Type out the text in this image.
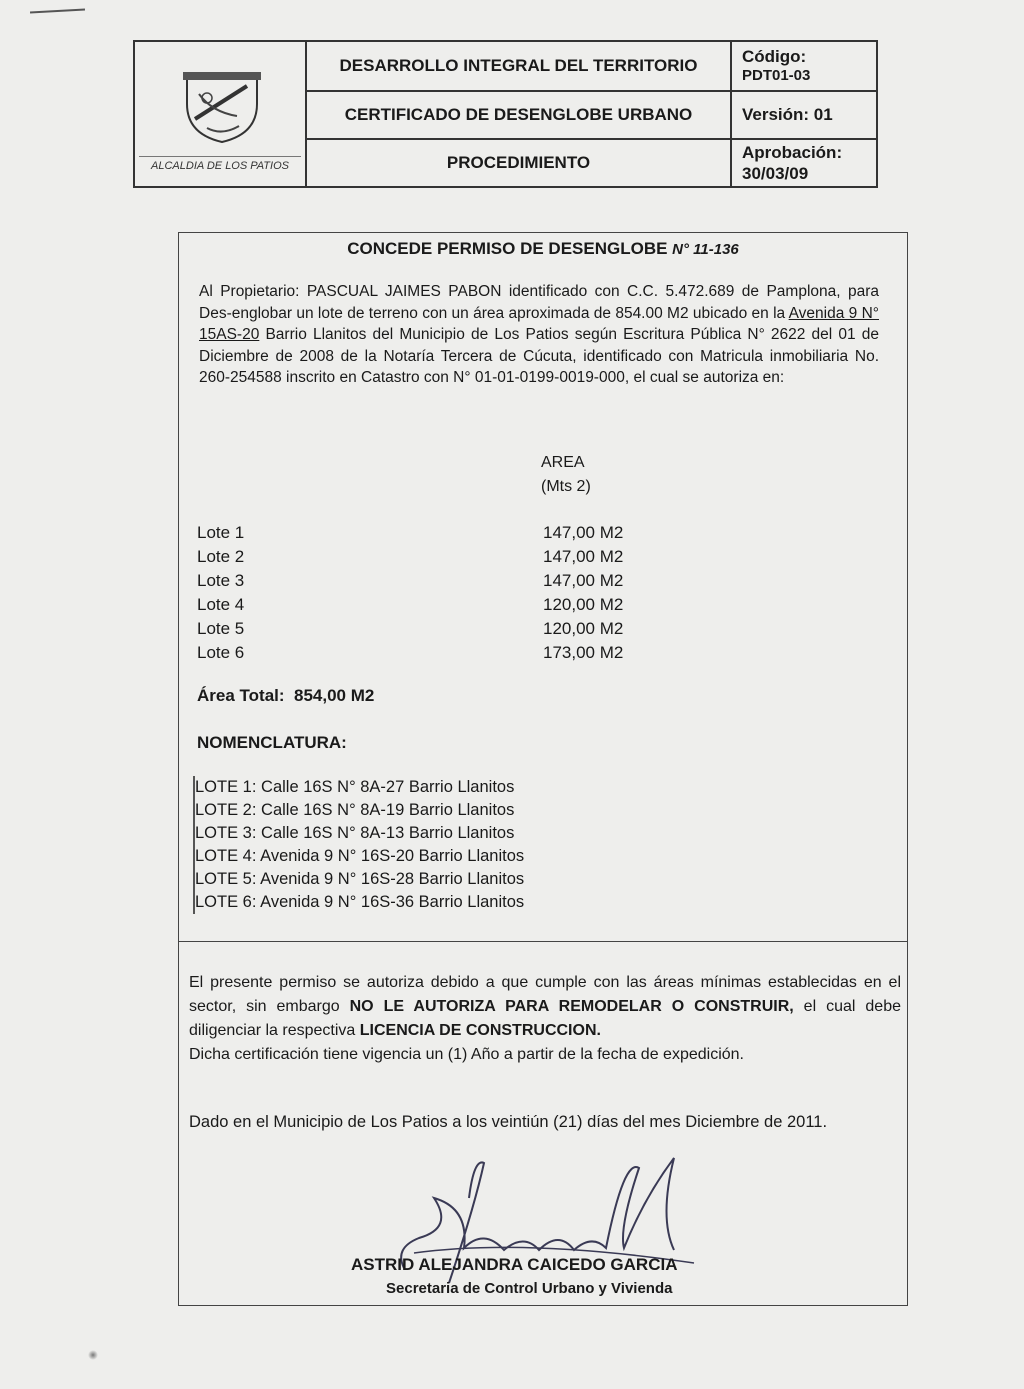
ALCALDIA DE LOS PATIOS
DESARROLLO INTEGRAL DEL TERRITORIO	Código:
PDT01-03
CERTIFICADO DE DESENGLOBE URBANO	Versión: 01
PROCEDIMIENTO
Aprobación:
30/03/09
CONCEDE PERMISO DE DESENGLOBE N° 11-136
Al Propietario: PASCUAL JAIMES PABON identificado con C.C. 5.472.689 de Pamplona, para Des-englobar un lote de terreno con un área aproximada de 854.00 M2 ubicado en la Avenida 9 N° 15AS-20 Barrio Llanitos del Municipio de Los Patios según Escritura Pública N° 2622 del 01 de Diciembre de 2008 de la Notaría Tercera de Cúcuta, identificado con Matricula inmobiliaria No. 260-254588 inscrito en Catastro con N° 01-01-0199-0019-000, el cual se autoriza en:
AREA
(Mts 2)
Lote 1	147,00 M2
Lote 2	147,00 M2
Lote 3	147,00 M2
Lote 4	120,00 M2
Lote 5	120,00 M2
Lote 6	173,00 M2
Área Total: 854,00 M2
NOMENCLATURA:
LOTE 1: Calle 16S N° 8A-27 Barrio Llanitos
LOTE 2: Calle 16S N° 8A-19 Barrio Llanitos
LOTE 3: Calle 16S N° 8A-13 Barrio Llanitos
LOTE 4: Avenida 9 N° 16S-20 Barrio Llanitos
LOTE 5: Avenida 9 N° 16S-28 Barrio Llanitos
LOTE 6: Avenida 9 N° 16S-36 Barrio Llanitos
El presente permiso se autoriza debido a que cumple con las áreas mínimas establecidas en el sector, sin embargo NO LE AUTORIZA PARA REMODELAR O CONSTRUIR, el cual debe diligenciar la respectiva LICENCIA DE CONSTRUCCION.
Dicha certificación tiene vigencia un (1) Año a partir de la fecha de expedición.
Dado en el Municipio de Los Patios a los veintiún (21) días del mes Diciembre de 2011.
ASTRID ALEJANDRA CAICEDO GARCIA
Secretaria de Control Urbano y Vivienda
